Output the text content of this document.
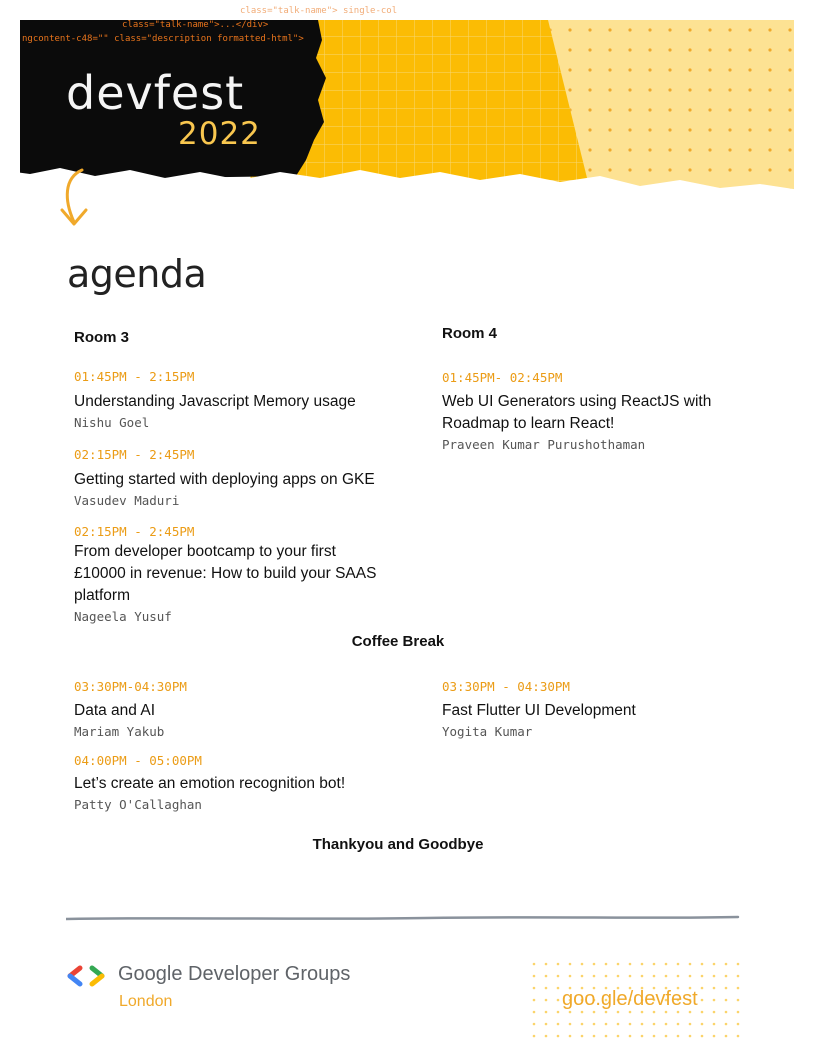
class="talk-name">...</div>
ngcontent-c48="" class="description formatted-html">
class="talk-name"> single-col
devfest
2022
agenda
Room 3	Room 4
01:45PM - 2:15PM
Understanding Javascript Memory usage
Nishu Goel
02:15PM - 2:45PM
Getting started with deploying apps on GKE
Vasudev Maduri
02:15PM - 2:45PM
From developer bootcamp to your first
£10000 in revenue: How to build your SAAS
platform
Nageela Yusuf
01:45PM- 02:45PM
Web UI Generators using ReactJS with
Roadmap to learn React!
Praveen Kumar Purushothaman
Coffee Break
03:30PM-04:30PM
Data and AI
Mariam Yakub
04:00PM - 05:00PM
Let’s create an emotion recognition bot!
Patty O'Callaghan
03:30PM - 04:30PM
Fast Flutter UI Development
Yogita Kumar
Thankyou and Goodbye
Google Developer Groups
London	goo.gle/devfest
